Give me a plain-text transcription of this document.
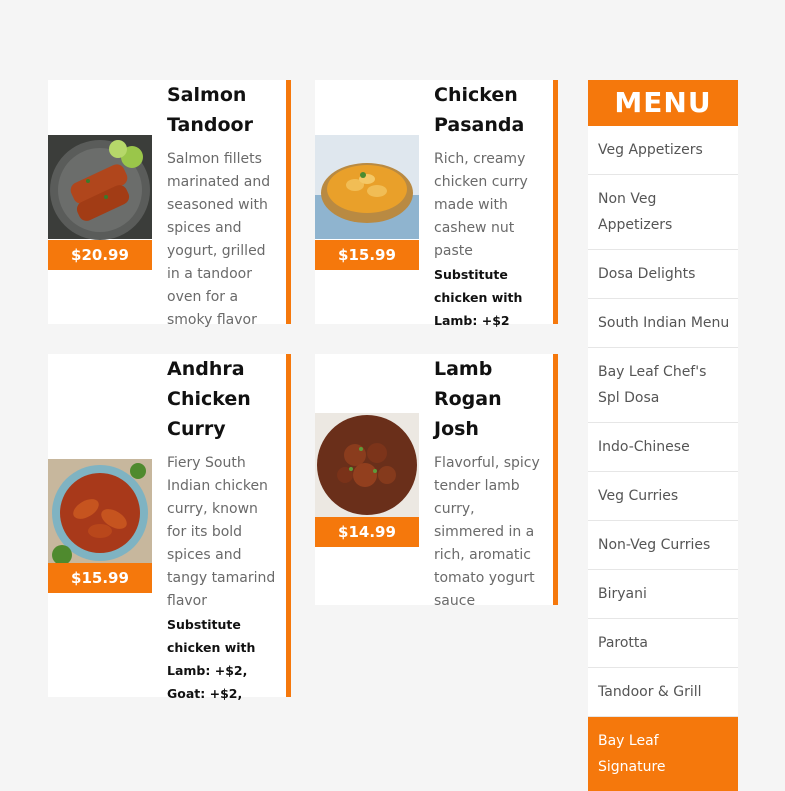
$20.99
Salmon Tandoor
Salmon fillets marinated and seasoned with spices and yogurt, grilled in a tandoor oven for a smoky flavor
$15.99
Chicken Pasanda
Rich, creamy chicken curry made with cashew nut paste
Substitute chicken with Lamb: +$2
$15.99
Andhra Chicken Curry
Fiery South Indian chicken curry, known for its bold spices and tangy tamarind flavor
Substitute chicken with Lamb: +$2, Goat: +$2,
$14.99
Lamb Rogan Josh
Flavorful, spicy tender lamb curry, simmered in a rich, aromatic tomato yogurt sauce
MENU
Veg Appetizers
Non Veg Appetizers
Dosa Delights
South Indian Menu
Bay Leaf Chef's Spl Dosa
Indo-Chinese
Veg Curries
Non-Veg Curries
Biryani
Parotta
Tandoor & Grill
Bay Leaf Signature
